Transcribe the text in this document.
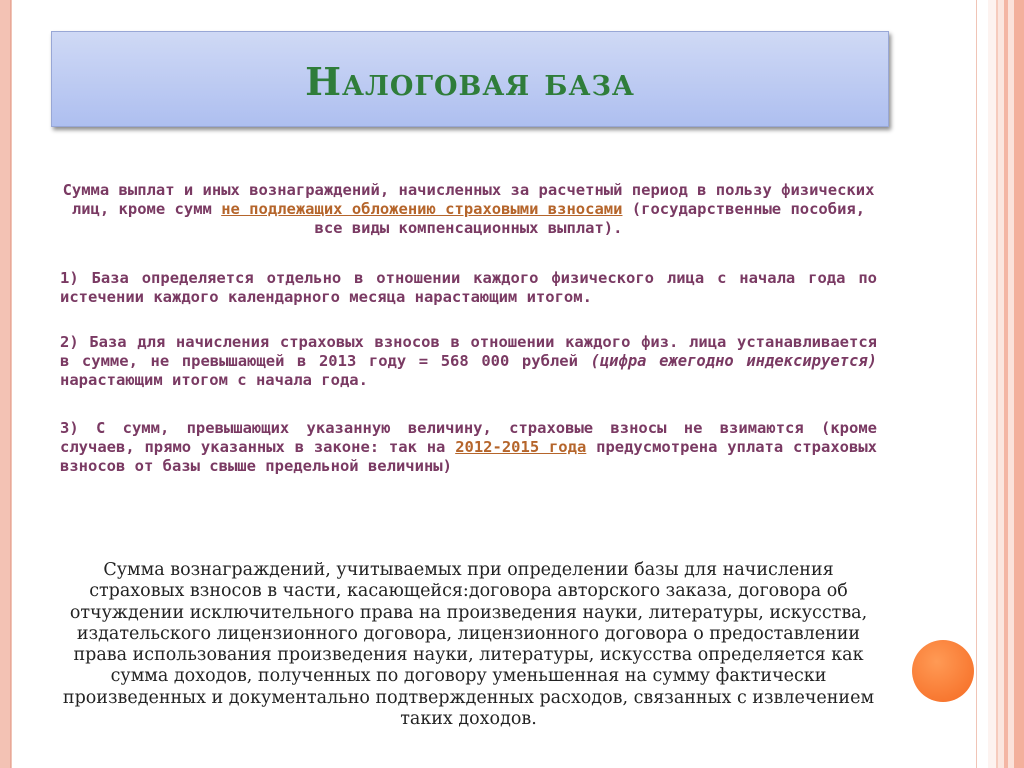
Налоговая база
Сумма выплат и иных вознаграждений, начисленных за расчетный период в пользу физических лиц, кроме сумм не подлежащих обложению страховыми взносами (государственные пособия, все виды компенсационных выплат).
1) База определяется отдельно в отношении каждого физического лица с начала года по истечении каждого календарного месяца нарастающим итогом.
2) База для начисления страховых взносов в отношении каждого физ. лица устанавливается в сумме, не превышающей в 2013 году = 568 000 рублей (цифра ежегодно индексируется) нарастающим итогом с начала года.
3) С сумм, превышающих указанную величину, страховые взносы не взимаются (кроме случаев, прямо указанных в законе: так на 2012-2015 года предусмотрена уплата страховых взносов от базы свыше предельной величины)
Сумма вознаграждений, учитываемых при определении базы для начисления страховых взносов в части, касающейся:договора авторского заказа, договора об отчуждении исключительного права на произведения науки, литературы, искусства, издательского лицензионного договора, лицензионного договора о предоставлении права использования произведения науки, литературы, искусства определяется как сумма доходов, полученных по договору уменьшенная на сумму фактически произведенных и документально подтвержденных расходов, связанных с извлечением таких доходов.
